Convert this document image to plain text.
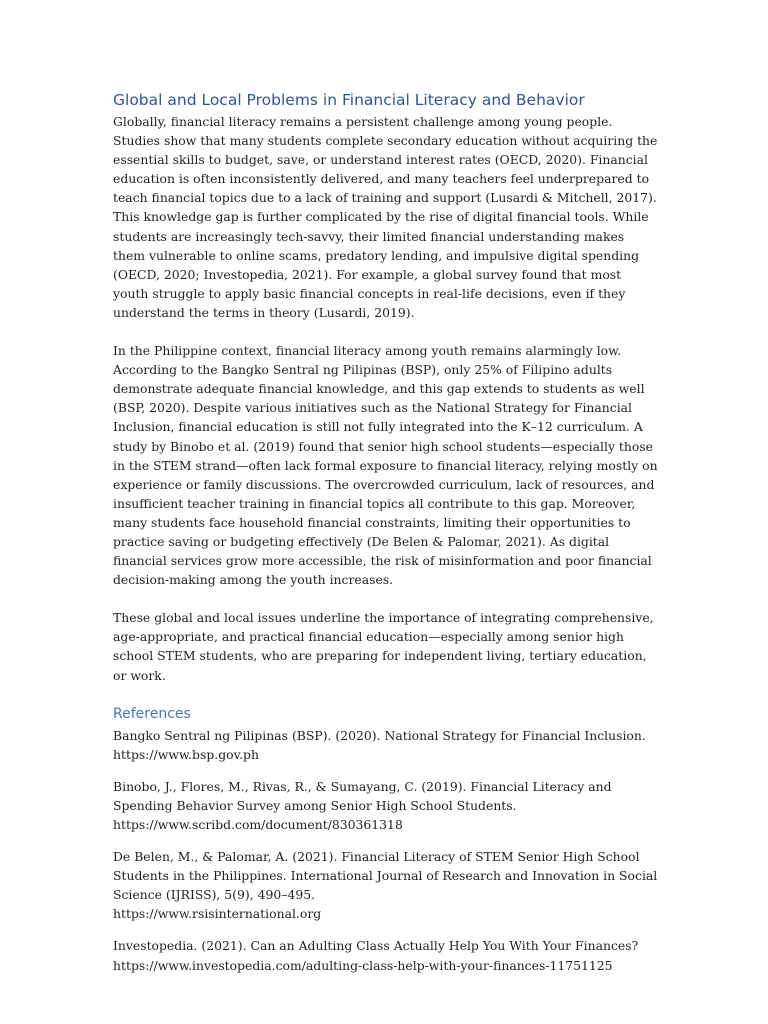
Global and Local Problems in Financial Literacy and Behavior

Globally, financial literacy remains a persistent challenge among young people. Studies show that many students complete secondary education without acquiring the essential skills to budget, save, or understand interest rates (OECD, 2020). Financial education is often inconsistently delivered, and many teachers feel underprepared to teach financial topics due to a lack of training and support (Lusardi & Mitchell, 2017). This knowledge gap is further complicated by the rise of digital financial tools. While students are increasingly tech-savvy, their limited financial understanding makes them vulnerable to online scams, predatory lending, and impulsive digital spending (OECD, 2020; Investopedia, 2021). For example, a global survey found that most youth struggle to apply basic financial concepts in real-life decisions, even if they understand the terms in theory (Lusardi, 2019).

In the Philippine context, financial literacy among youth remains alarmingly low. According to the Bangko Sentral ng Pilipinas (BSP), only 25% of Filipino adults demonstrate adequate financial knowledge, and this gap extends to students as well (BSP, 2020). Despite various initiatives such as the National Strategy for Financial Inclusion, financial education is still not fully integrated into the K–12 curriculum. A study by Binobo et al. (2019) found that senior high school students—especially those in the STEM strand—often lack formal exposure to financial literacy, relying mostly on experience or family discussions. The overcrowded curriculum, lack of resources, and insufficient teacher training in financial topics all contribute to this gap. Moreover, many students face household financial constraints, limiting their opportunities to practice saving or budgeting effectively (De Belen & Palomar, 2021). As digital financial services grow more accessible, the risk of misinformation and poor financial decision-making among the youth increases.

These global and local issues underline the importance of integrating comprehensive, age-appropriate, and practical financial education—especially among senior high school STEM students, who are preparing for independent living, tertiary education, or work.

References
Bangko Sentral ng Pilipinas (BSP). (2020). National Strategy for Financial Inclusion.
https://www.bsp.gov.ph
Binobo, J., Flores, M., Rivas, R., & Sumayang, C. (2019). Financial Literacy and Spending Behavior Survey among Senior High School Students.
https://www.scribd.com/document/830361318
De Belen, M., & Palomar, A. (2021). Financial Literacy of STEM Senior High School Students in the Philippines. International Journal of Research and Innovation in Social Science (IJRISS), 5(9), 490–495.
https://www.rsisinternational.org
Investopedia. (2021). Can an Adulting Class Actually Help You With Your Finances?
https://www.investopedia.com/adulting-class-help-with-your-finances-11751125
